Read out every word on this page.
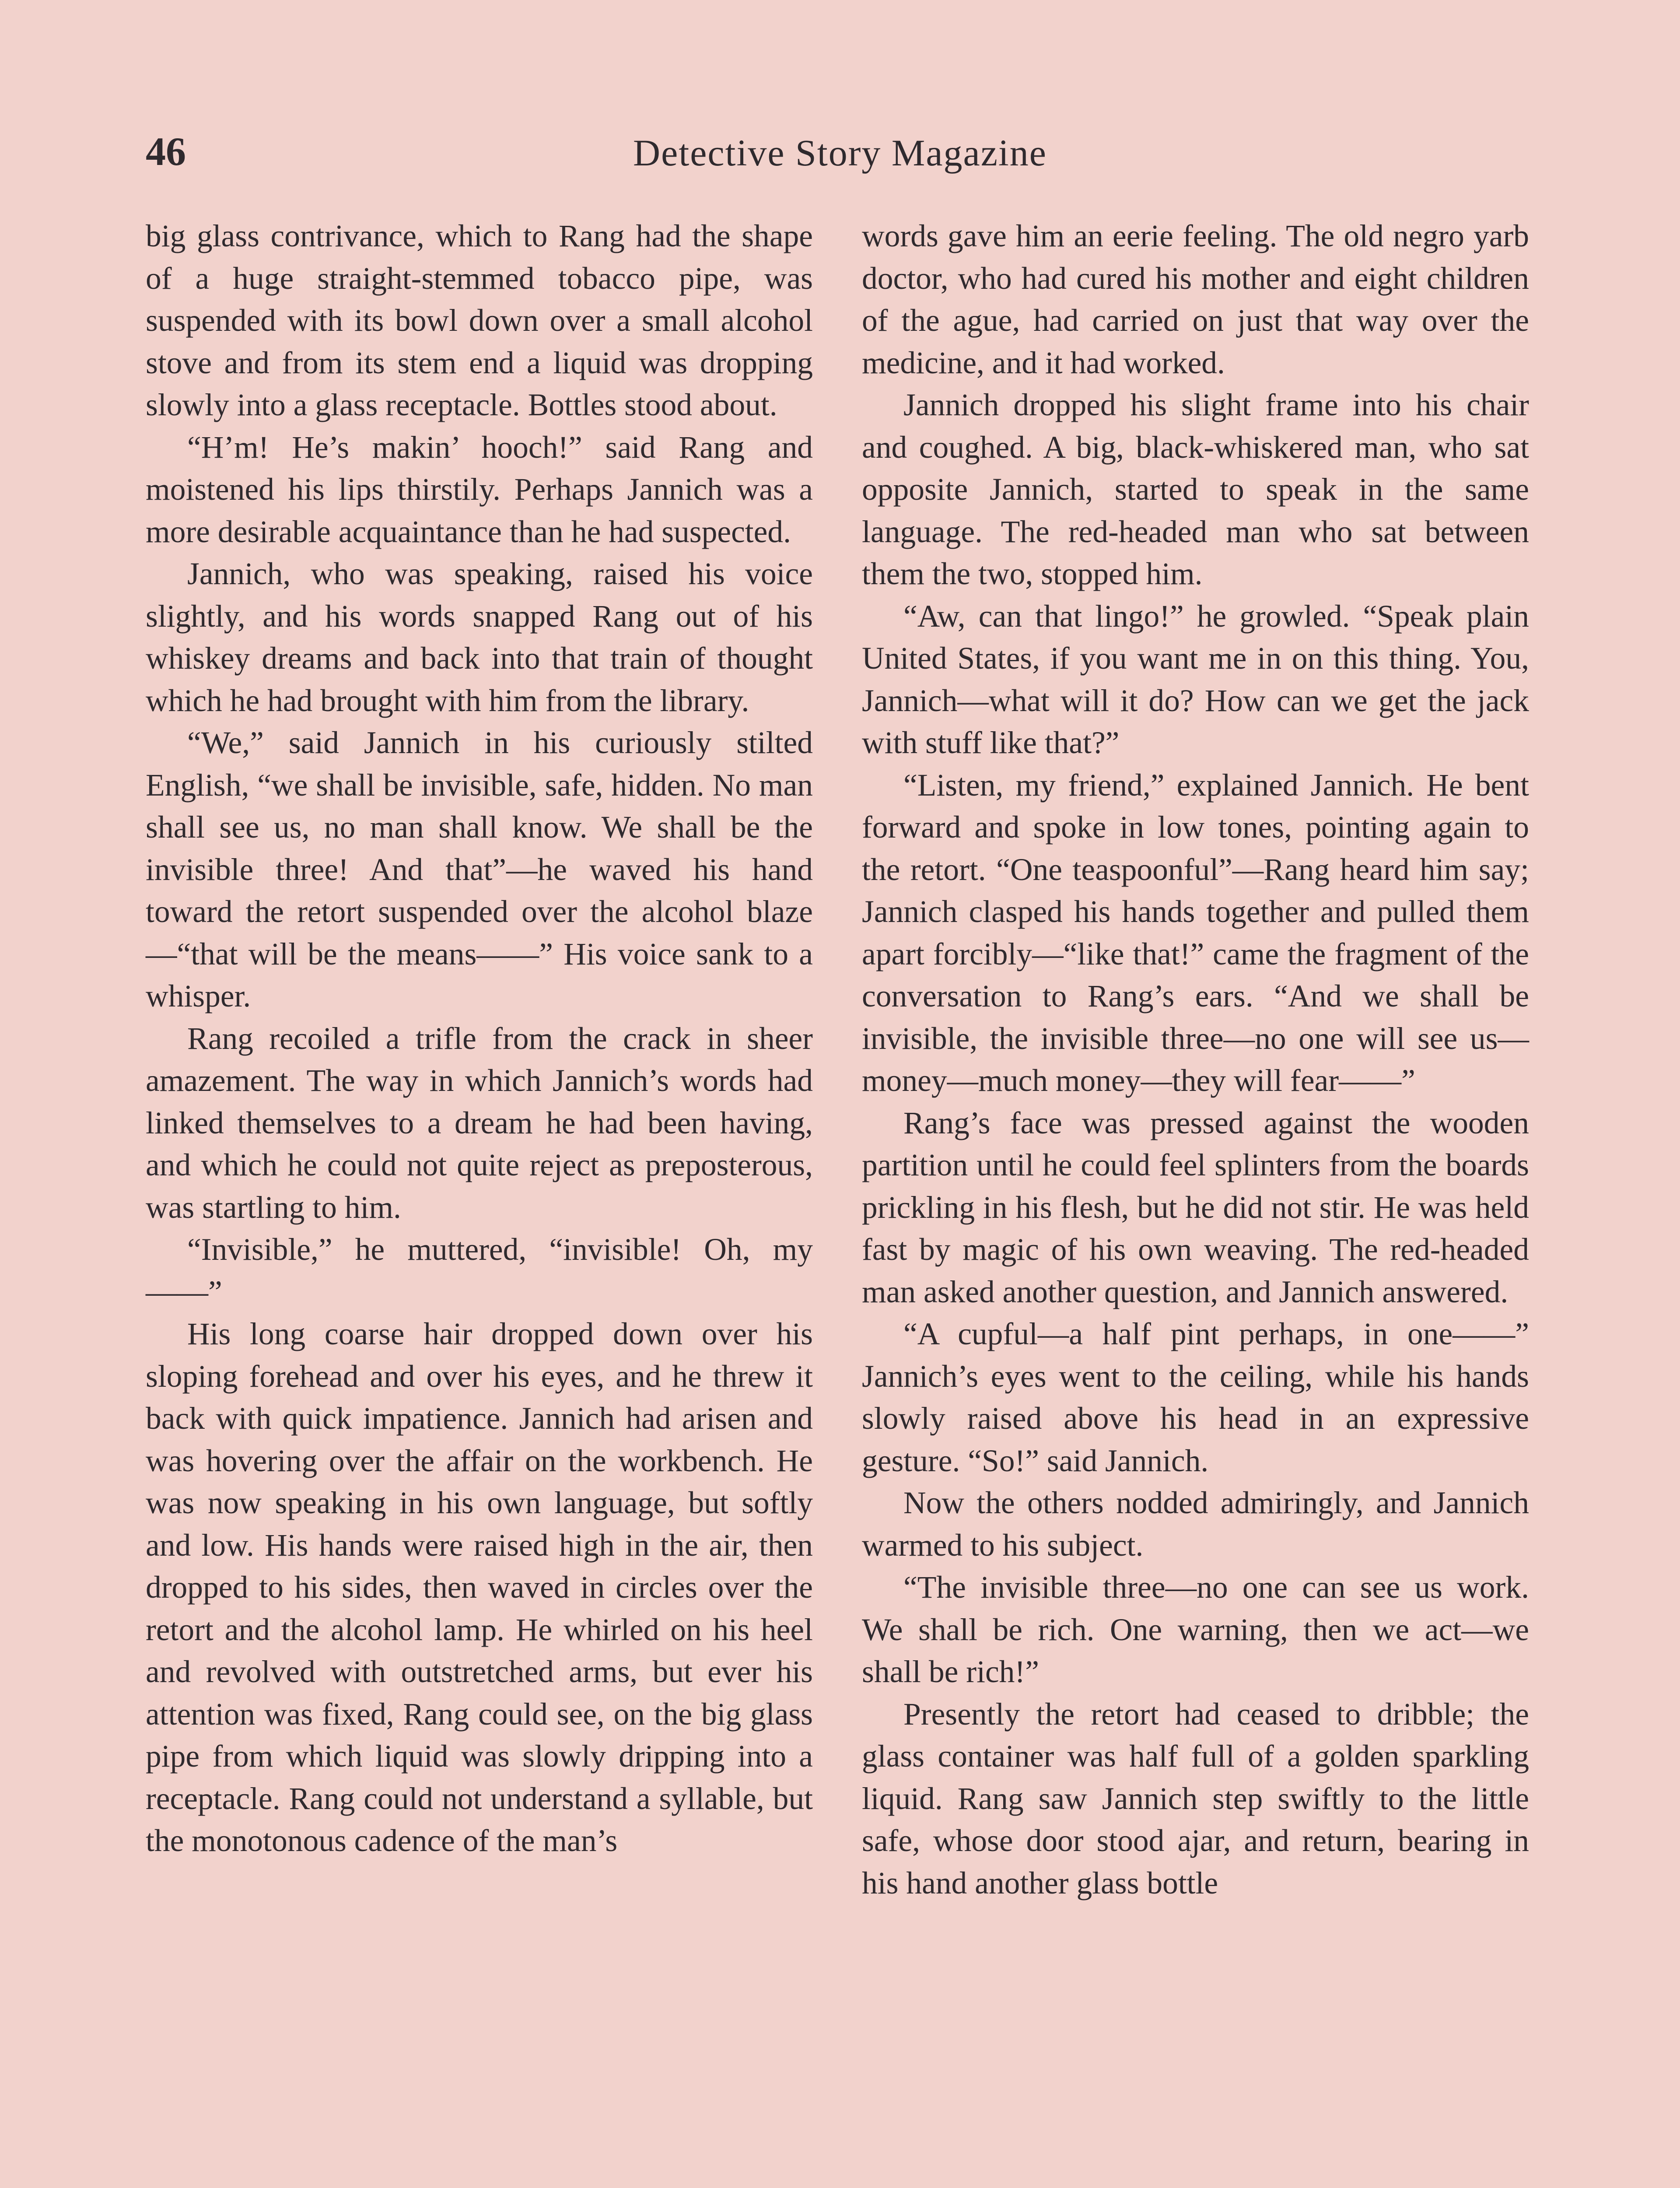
46	Detective Story Magazine

big glass contrivance, which to Rang had the shape of a huge straight-stemmed tobacco pipe, was suspended with its bowl down over a small alcohol stove and from its stem end a liquid was dropping slowly into a glass receptacle. Bottles stood about.

“H’m! He’s makin’ hooch!” said Rang and moistened his lips thirstily. Perhaps Jannich was a more desirable acquaintance than he had suspected.

Jannich, who was speaking, raised his voice slightly, and his words snapped Rang out of his whiskey dreams and back into that train of thought which he had brought with him from the library.

“We,” said Jannich in his curiously stilted English, “we shall be invisible, safe, hidden. No man shall see us, no man shall know. We shall be the invisible three! And that”—he waved his hand toward the retort suspended over the alcohol blaze—“that will be the means——” His voice sank to a whisper.

Rang recoiled a trifle from the crack in sheer amazement. The way in which Jannich’s words had linked themselves to a dream he had been having, and which he could not quite reject as preposterous, was startling to him.

“Invisible,” he muttered, “invisible! Oh, my——”

His long coarse hair dropped down over his sloping forehead and over his eyes, and he threw it back with quick impatience. Jannich had arisen and was hovering over the affair on the workbench. He was now speaking in his own language, but softly and low. His hands were raised high in the air, then dropped to his sides, then waved in circles over the retort and the alcohol lamp. He whirled on his heel and revolved with outstretched arms, but ever his attention was fixed, Rang could see, on the big glass pipe from which liquid was slowly dripping into a receptacle. Rang could not understand a syllable, but the monotonous cadence of the man’s

words gave him an eerie feeling. The old negro yarb doctor, who had cured his mother and eight children of the ague, had carried on just that way over the medicine, and it had worked.

Jannich dropped his slight frame into his chair and coughed. A big, black-whiskered man, who sat opposite Jannich, started to speak in the same language. The red-headed man who sat between them the two, stopped him.

“Aw, can that lingo!” he growled. “Speak plain United States, if you want me in on this thing. You, Jannich—what will it do? How can we get the jack with stuff like that?”

“Listen, my friend,” explained Jannich. He bent forward and spoke in low tones, pointing again to the retort. “One teaspoonful”—Rang heard him say; Jannich clasped his hands together and pulled them apart forcibly—“like that!” came the fragment of the conversation to Rang’s ears. “And we shall be invisible, the invisible three—no one will see us—money—much money—they will fear——”

Rang’s face was pressed against the wooden partition until he could feel splinters from the boards prickling in his flesh, but he did not stir. He was held fast by magic of his own weaving. The red-headed man asked another question, and Jannich answered.

“A cupful—a half pint perhaps, in one——” Jannich’s eyes went to the ceiling, while his hands slowly raised above his head in an expressive gesture. “So!” said Jannich.

Now the others nodded admiringly, and Jannich warmed to his subject.

“The invisible three—no one can see us work. We shall be rich. One warning, then we act—we shall be rich!”

Presently the retort had ceased to dribble; the glass container was half full of a golden sparkling liquid. Rang saw Jannich step swiftly to the little safe, whose door stood ajar, and return, bearing in his hand another glass bottle
